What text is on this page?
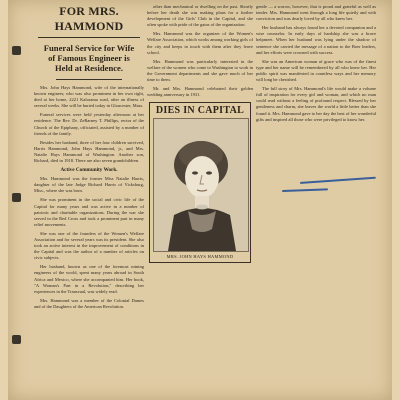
FOR MRS. HAMMOND
Funeral Service for Wife of Famous Engineer is Held at Residence.

Mrs. John Hays Hammond, wife of the internationally known engineer, who was also prominent in her own right, died at her home, 2221 Kalorama road, after an illness of several weeks. She will be buried today in Gloucester, Mass.

Funeral services were held yesterday afternoon at her residence. The Rev. Dr. ZeBarney T. Phillips, rector of the Church of the Epiphany, officiated, assisted by a number of friends of the family.

Besides her husband, three of her four children survived, Harris Hammond, John Hays Hammond, jr., and Mrs. Natalie Hays Hammond of Washington. Another son, Richard, died in 1918. There are also seven grandchildren.

Active Community Work.

Mrs. Hammond was the former Miss Natalie Harris, daughter of the late Judge Richard Harris of Vicksburg, Miss., where she was born.

She was prominent in the social and civic life of the Capital for many years and was active in a number of patriotic and charitable organizations. During the war she served in the Red Cross and took a prominent part in many relief movements.

She was one of the founders of the Women's Welfare Association and for several years was its president. She also took an active interest in the improvement of conditions in the Capital and was the author of a number of articles on civic subjects.

Her husband, known as one of the foremost mining engineers of the world, spent many years abroad in South Africa and Mexico, where she accompanied him. Her book, "A Woman's Part in a Revolution," describing her experiences in the Transvaal, was widely read.

Mrs. Hammond was a member of the Colonial Dames and of the Daughters of the American Revolution.

other than mechanical or dwelling on the past. Shortly before her death she was making plans for a further development of the Girls' Club in the Capital, and she often spoke with pride of the gains of the organization.

Mrs. Hammond was the organizer of the Women's Welfare Association, which works among working girls of the city and keeps in touch with them after they leave school.

Mrs. Hammond was particularly interested in the welfare of the women who come to Washington to work in the Government departments and she gave much of her time to them.

Mr. and Mrs. Hammond celebrated their golden wedding anniversary in 1931.

DIES IN CAPITAL
MRS. JOHN HAYS HAMMOND

gentle — a sorrow, however, that is proud and grateful as well as tender. Mrs. Hammond went through a long life quietly and with conviction and was dearly loved by all who knew her.

Her husband has always found her a devoted companion and a wise counselor. In early days of hardship she was a brave helpmeet. When her husband was lying under the shadow of sentence she carried the message of a nation to the Boer leaders, and her efforts were crowned with success.

She was an American woman of grace who was of the finest type and her name will be remembered by all who knew her. Her public spirit was manifested in countless ways and her memory will long be cherished.

The full story of Mrs. Hammond's life would make a volume full of inspiration for every girl and woman, and which no man could read without a feeling of profound respect. Blessed by her gentleness and charm, she leaves the world a little better than she found it. Mrs. Hammond gave to her day the best of her wonderful gifts and inspired all those who were privileged to know her.
